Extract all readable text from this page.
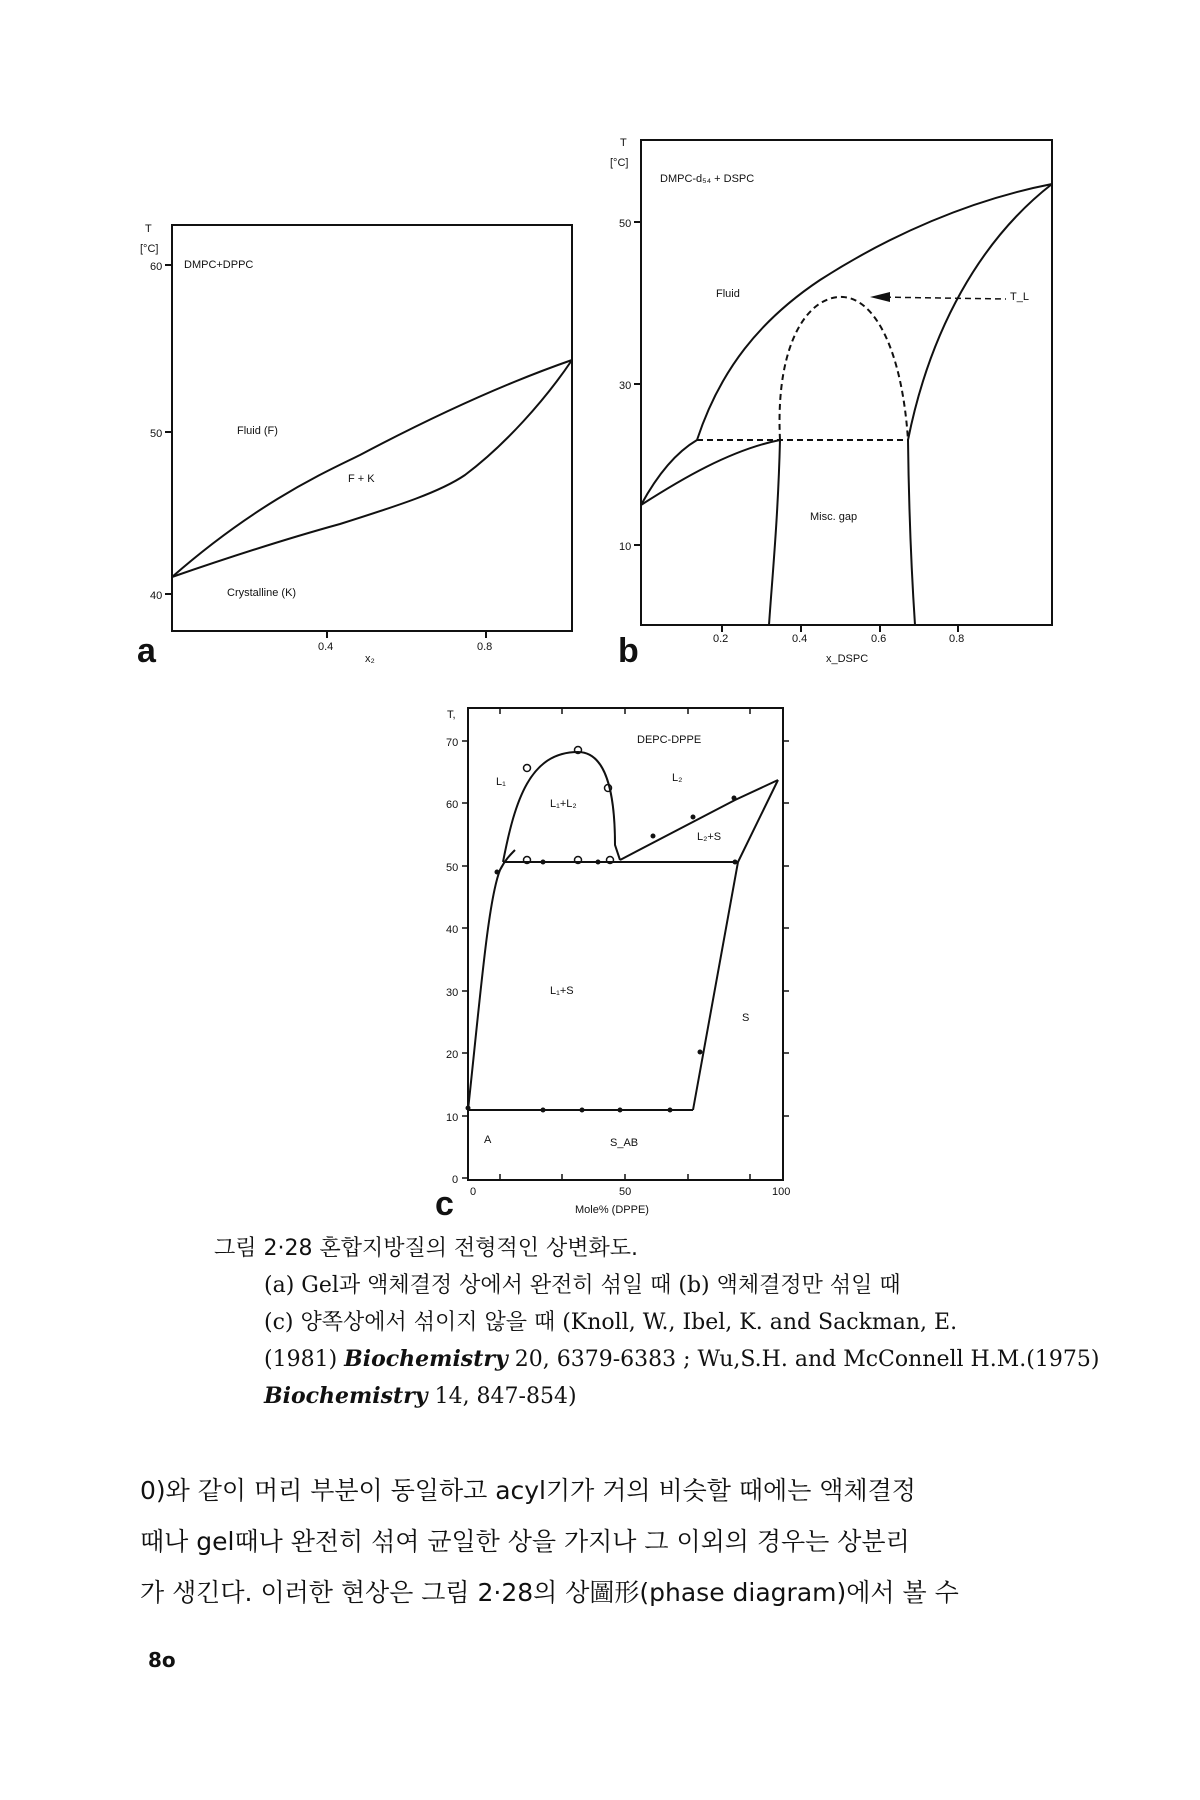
T
[°C]
60
50
40
0.4	0.8
x₂
DMPC+DPPC
Fluid (F)
F + K
Crystalline (K)
a
T
[°C]
50
30
10
0.2	0.4	0.6	0.8
x_DSPC
DMPC-d₅₄ + DSPC
Fluid
Misc. gap
T_L
b
T,
70
60
50
40
30
20
10
0
0	50	100
Mole% (DPPE)
DEPC-DPPE
L₁
L₁+L₂
L₂
L₂+S
L₁+S
S
A	S_AB
c
그림 2·28 혼합지방질의 전형적인 상변화도.
(a) Gel과 액체결정 상에서 완전히 섞일 때 (b) 액체결정만 섞일 때
(c) 양쪽상에서 섞이지 않을 때 (Knoll, W., Ibel, K. and Sackman, E.
(1981) Biochemistry 20, 6379-6383 ; Wu,S.H. and McConnell H.M.(1975)
Biochemistry 14, 847-854)
0)와 같이 머리 부분이 동일하고 acyl기가 거의 비슷할 때에는 액체결정
때나 gel때나 완전히 섞여 균일한 상을 가지나 그 이외의 경우는 상분리
가 생긴다. 이러한 현상은 그림 2·28의 상圖形(phase diagram)에서 볼 수
8o
